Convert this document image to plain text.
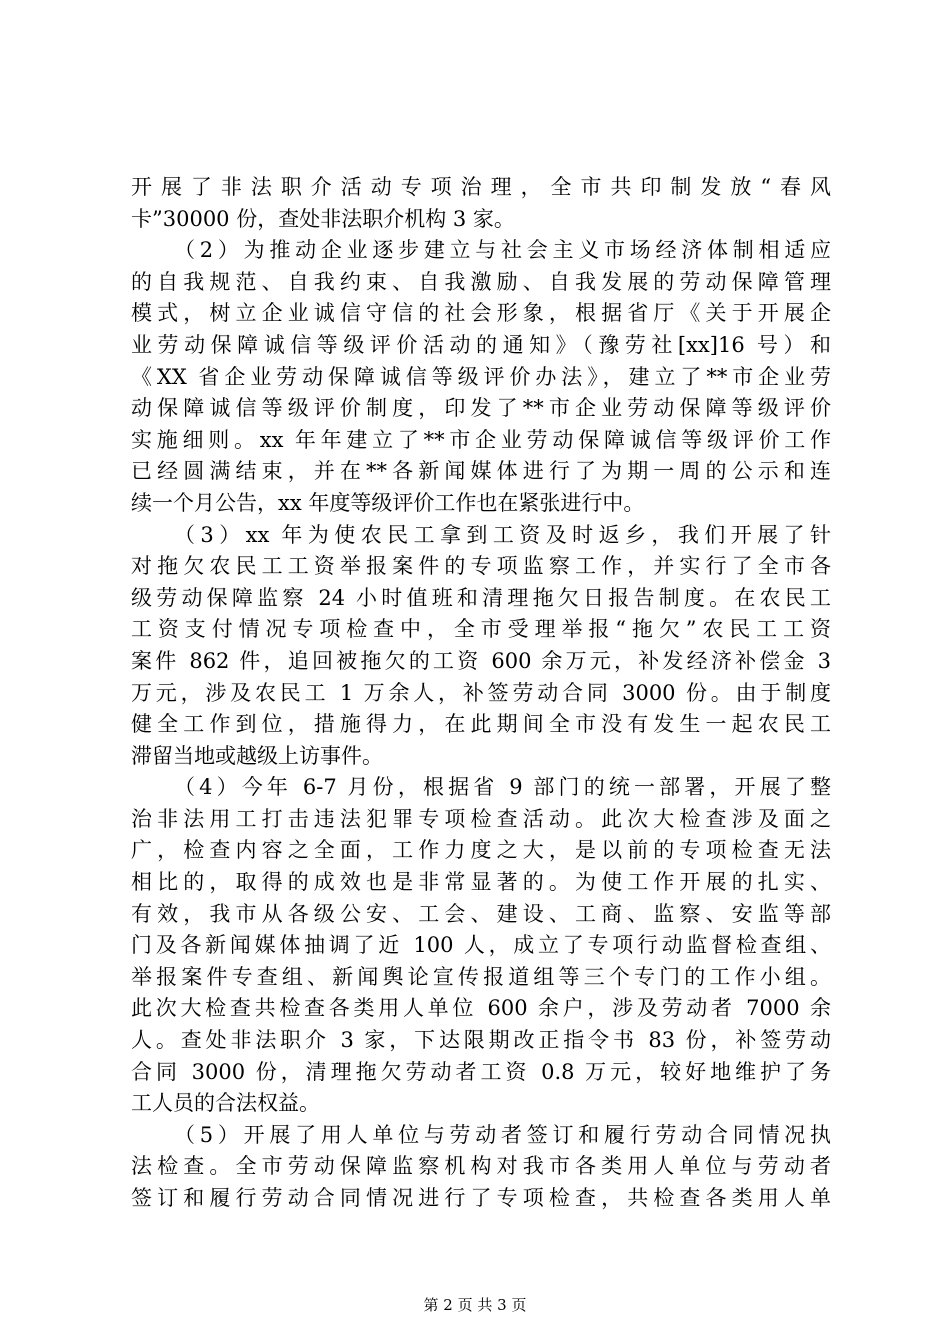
开展了非法职介活动专项治理，全市共印制发放“春风
卡”30000 份，查处非法职介机构 3 家。
（2）为推动企业逐步建立与社会主义市场经济体制相适应
的自我规范、自我约束、自我激励、自我发展的劳动保障管理
模式，树立企业诚信守信的社会形象，根据省厅《关于开展企
业劳动保障诚信等级评价活动的通知》（豫劳社[xx]16 号）和
《XX 省企业劳动保障诚信等级评价办法》，建立了**市企业劳
动保障诚信等级评价制度，印发了**市企业劳动保障等级评价
实施细则。xx 年年建立了**市企业劳动保障诚信等级评价工作
已经圆满结束，并在**各新闻媒体进行了为期一周的公示和连
续一个月公告，xx 年度等级评价工作也在紧张进行中。
（3）xx 年为使农民工拿到工资及时返乡，我们开展了针
对拖欠农民工工资举报案件的专项监察工作，并实行了全市各
级劳动保障监察 24 小时值班和清理拖欠日报告制度。在农民工
工资支付情况专项检查中，全市受理举报“拖欠”农民工工资
案件 862 件，追回被拖欠的工资 600 余万元，补发经济补偿金 3
万元，涉及农民工 1 万余人，补签劳动合同 3000 份。由于制度
健全工作到位，措施得力，在此期间全市没有发生一起农民工
滞留当地或越级上访事件。
（4）今年 6-7 月份，根据省 9 部门的统一部署，开展了整
治非法用工打击违法犯罪专项检查活动。此次大检查涉及面之
广，检查内容之全面，工作力度之大，是以前的专项检查无法
相比的，取得的成效也是非常显著的。为使工作开展的扎实、
有效，我市从各级公安、工会、建设、工商、监察、安监等部
门及各新闻媒体抽调了近 100 人，成立了专项行动监督检查组、
举报案件专查组、新闻舆论宣传报道组等三个专门的工作小组。
此次大检查共检查各类用人单位 600 余户，涉及劳动者 7000 余
人。查处非法职介 3 家，下达限期改正指令书 83 份，补签劳动
合同 3000 份，清理拖欠劳动者工资 0.8 万元，较好地维护了务
工人员的合法权益。
（5）开展了用人单位与劳动者签订和履行劳动合同情况执
法检查。全市劳动保障监察机构对我市各类用人单位与劳动者
签订和履行劳动合同情况进行了专项检查，共检查各类用人单
第 2 页 共 3 页
